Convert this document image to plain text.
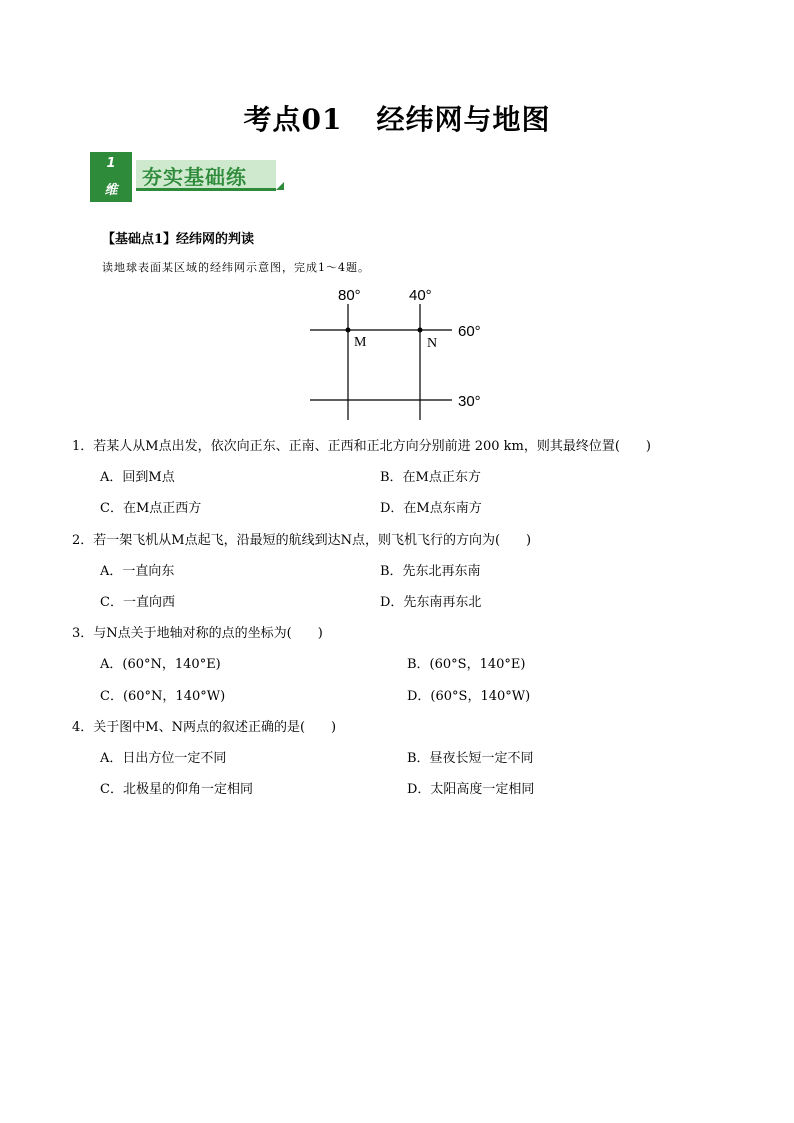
考点01 经纬网与地图
1
维
夯实基础练
【基础点1】经纬网的判读
读地球表面某区域的经纬网示意图，完成1～4题。
80°	40°
60°
30°
M	N
1．若某人从M点出发，依次向正东、正南、正西和正北方向分别前进 200 km，则其最终位置(　　)
A．回到M点	B．在M点正东方
C．在M点正西方	D．在M点东南方
2．若一架飞机从M点起飞，沿最短的航线到达N点，则飞机飞行的方向为(　　)
A．一直向东	B．先东北再东南
C．一直向西	D．先东南再东北
3．与N点关于地轴对称的点的坐标为(　　)
A．(60°N，140°E)	B．(60°S，140°E)
C．(60°N，140°W)	D．(60°S，140°W)
4．关于图中M、N两点的叙述正确的是(　　)
A．日出方位一定不同	B．昼夜长短一定不同
C．北极星的仰角一定相同	D．太阳高度一定相同
